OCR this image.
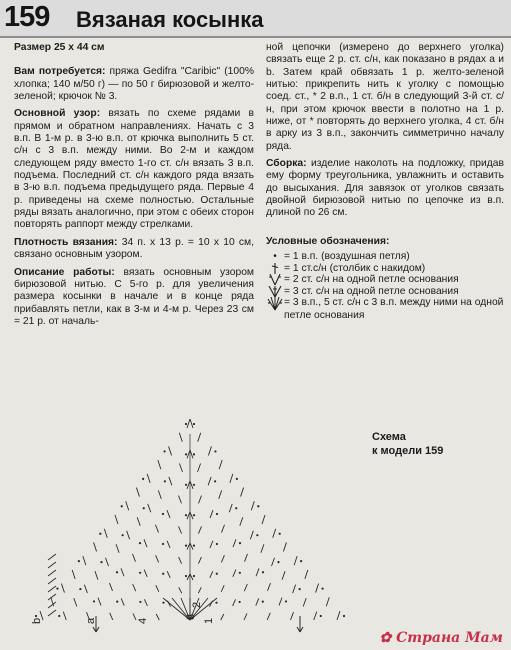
159 Вязаная косынка

Размер 25 x 44 см

Вам потребуется: пряжа Gedifra "Caribic" (100% хлопка; 140 м/50 г) — по 50 г бирюзовой и желто-зеленой; крючок № 3.

Основной узор: вязать по схеме рядами в прямом и обратном направлениях. Начать с 3 в.п. В 1-м р. в 3-ю в.п. от крючка выполнить 5 ст. с/н с 3 в.п. между ними. Во 2-м и каждом следующем ряду вместо 1-го ст. с/н вязать 3 в.п. подъема. Последний ст. с/н каждого ряда вязать в 3-ю в.п. подъема предыдущего ряда. Первые 4 р. приведены на схеме полностью. Остальные ряды вязать аналогично, при этом с обеих сторон повторять раппорт между стрелками.

Плотность вязания: 34 п. x 13 р. = 10 x 10 см, связано основным узором.

Описание работы: вязать основным узором бирюзовой нитью. С 5-го р. для увеличения размера косынки в начале и в конце ряда прибавлять петли, как в 3-м и 4-м р. Через 23 см = 21 р. от началь-

ной цепочки (измерено до верхнего уголка) связать еще 2 р. ст. с/н, как показано в рядах а и b. Затем край обвязать 1 р. желто-зеленой нитью: прикрепить нить к уголку с помощью соед. ст., * 2 в.п., 1 ст. б/н в следующий 3-й ст. с/н, при этом крючок ввести в полотно на 1 р. ниже, от * повторять до верхнего уголка, 4 ст. б/н в арку из 3 в.п., закончить симметрично началу ряда.

Сборка: изделие наколоть на подложку, придав ему форму треугольника, увлажнить и оставить до высыхания. Для завязок от уголков связать двойной бирюзовой нитью по цепочке из в.п. длиной по 26 см.

Условные обозначения:

• = 1 в.п. (воздушная петля)
= 1 ст.с/н (столбик с накидом)
= 2 ст. с/н на одной петле основания
= 3 ст. с/н на одной петле основания
= 3 в.п., 5 ст. с/н с 3 в.п. между ними на одной петле основания
Схема
к модели 159
b	a	4
3
2
1
✿ Страна Мам
